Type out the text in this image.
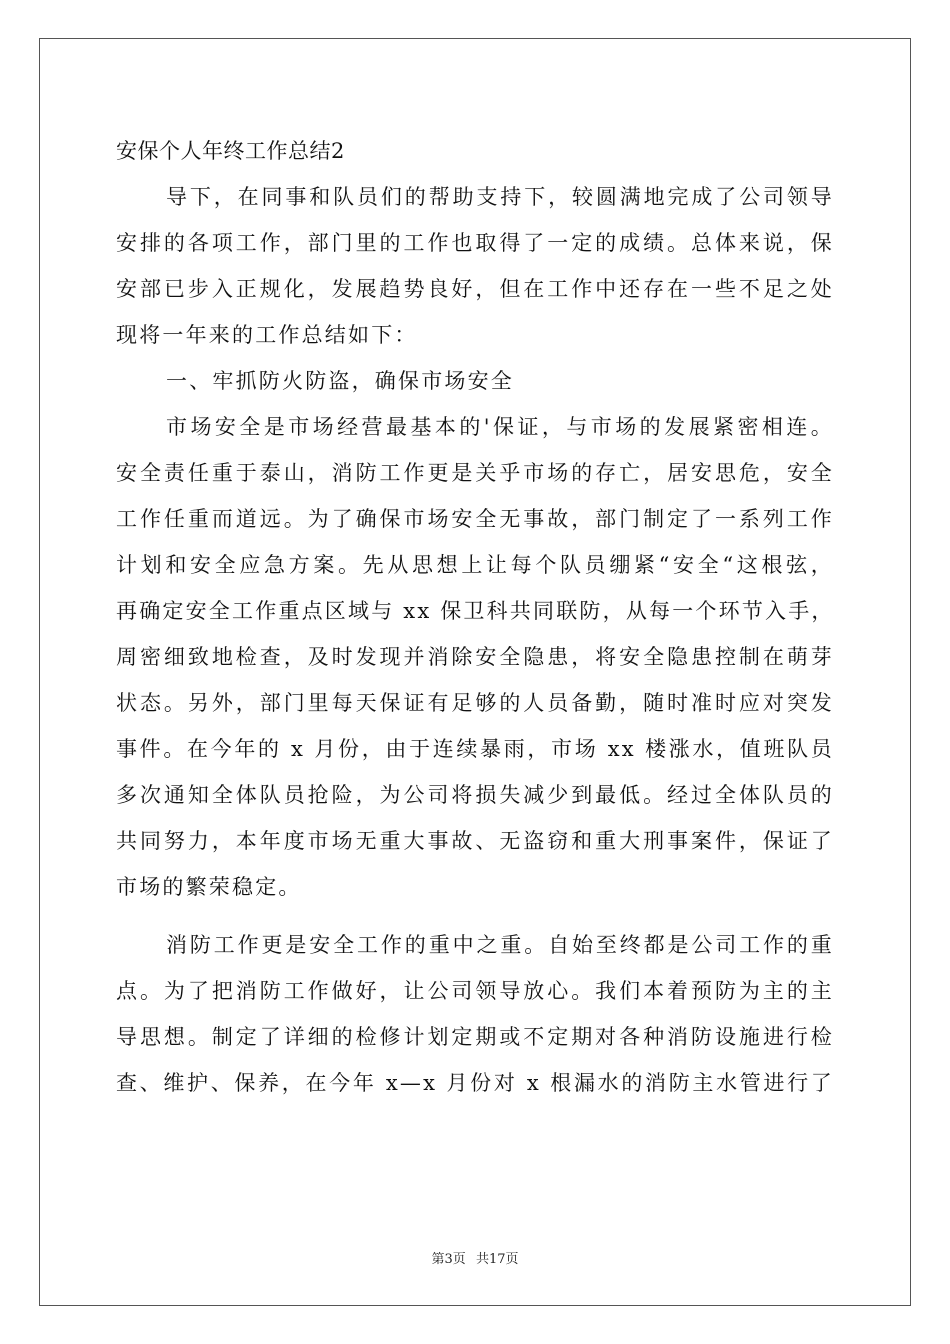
安保个人年终工作总结2
导下，在同事和队员们的帮助支持下，较圆满地完成了公司领导
安排的各项工作，部门里的工作也取得了一定的成绩。总体来说，保
安部已步入正规化，发展趋势良好，但在工作中还存在一些不足之处
现将一年来的工作总结如下：
一、牢抓防火防盗，确保市场安全
市场安全是市场经营最基本的'保证，与市场的发展紧密相连。
安全责任重于泰山，消防工作更是关乎市场的存亡，居安思危，安全
工作任重而道远。为了确保市场安全无事故，部门制定了一系列工作
计划和安全应急方案。先从思想上让每个队员绷紧“安全“这根弦，
再确定安全工作重点区域与 xx 保卫科共同联防，从每一个环节入手，
周密细致地检查，及时发现并消除安全隐患，将安全隐患控制在萌芽
状态。另外，部门里每天保证有足够的人员备勤，随时准时应对突发
事件。在今年的 x 月份，由于连续暴雨，市场 xx 楼涨水，值班队员
多次通知全体队员抢险，为公司将损失减少到最低。经过全体队员的
共同努力，本年度市场无重大事故、无盗窃和重大刑事案件，保证了
市场的繁荣稳定。
消防工作更是安全工作的重中之重。自始至终都是公司工作的重
点。为了把消防工作做好，让公司领导放心。我们本着预防为主的主
导思想。制定了详细的检修计划定期或不定期对各种消防设施进行检
查、维护、保养，在今年 x—x 月份对 x 根漏水的消防主水管进行了
第3页 共17页
